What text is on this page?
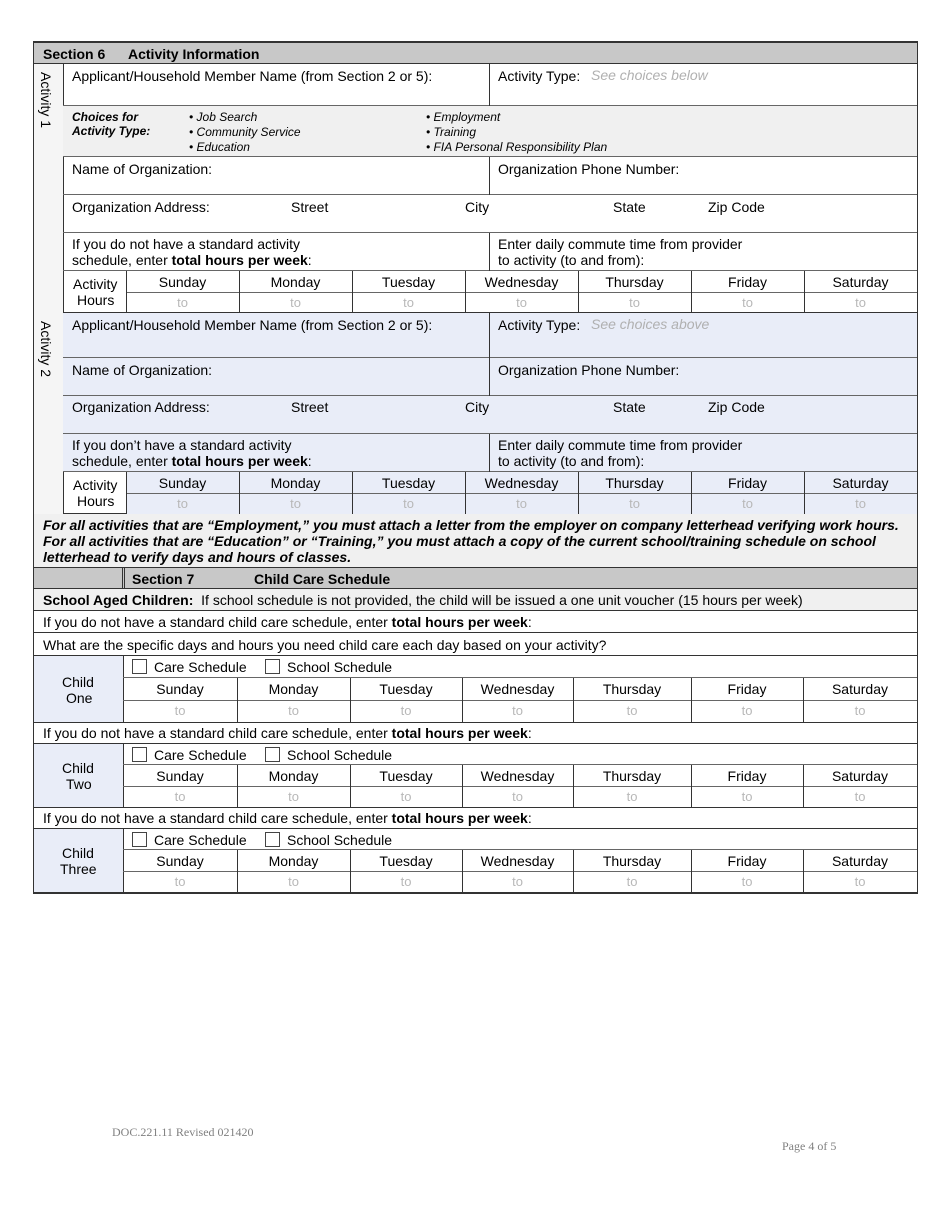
Section 6 Activity Information
Activity 1 Applicant/Household Member Name (from Section 2 or 5):	Activity Type: See choices below
Choices for
Activity Type:
• Job Search
• Community Service
• Education
• Employment
• Training
• FIA Personal Responsibility Plan
Name of Organization:	Organization Phone Number:
Organization Address:	Street	City	State	Zip Code
If you do not have a standard activity
schedule, enter total hours per week:
Enter daily commute time from provider
to activity (to and from):
Activity
Hours
Sunday	Monday	Tuesday	Wednesday	Thursday	Friday	Saturday
to	to	to	to	to	to	to
Activity 2 Applicant/Household Member Name (from Section 2 or 5):	Activity Type: See choices above
Name of Organization:	Organization Phone Number:
Organization Address:	Street	City	State	Zip Code
If you don’t have a standard activity
schedule, enter total hours per week:
Enter daily commute time from provider
to activity (to and from):
Activity
Hours
Sunday	Monday	Tuesday	Wednesday	Thursday	Friday	Saturday
to	to	to	to	to	to	to
For all activities that are “Employment,” you must attach a letter from the employer on company letterhead verifying work hours.
For all activities that are “Education” or “Training,” you must attach a copy of the current school/training schedule on school
letterhead to verify days and hours of classes.
Section 7	Child Care Schedule
School Aged Children: If school schedule is not provided, the child will be issued a one unit voucher (15 hours per week)
If you do not have a standard child care schedule, enter total hours per week:
What are the specific days and hours you need child care each day based on your activity?
Child
One
Care Schedule	School Schedule
Sunday	Monday	Tuesday	Wednesday	Thursday	Friday	Saturday
to	to	to	to	to	to	to
If you do not have a standard child care schedule, enter total hours per week:
Child
Two
Care Schedule	School Schedule
Sunday	Monday	Tuesday	Wednesday	Thursday	Friday	Saturday
to	to	to	to	to	to	to
If you do not have a standard child care schedule, enter total hours per week:
Child
Three
Care Schedule	School Schedule
Sunday	Monday	Tuesday	Wednesday	Thursday	Friday	Saturday
to	to	to	to	to	to	to
DOC.221.11 Revised 021420
Page 4 of 5
